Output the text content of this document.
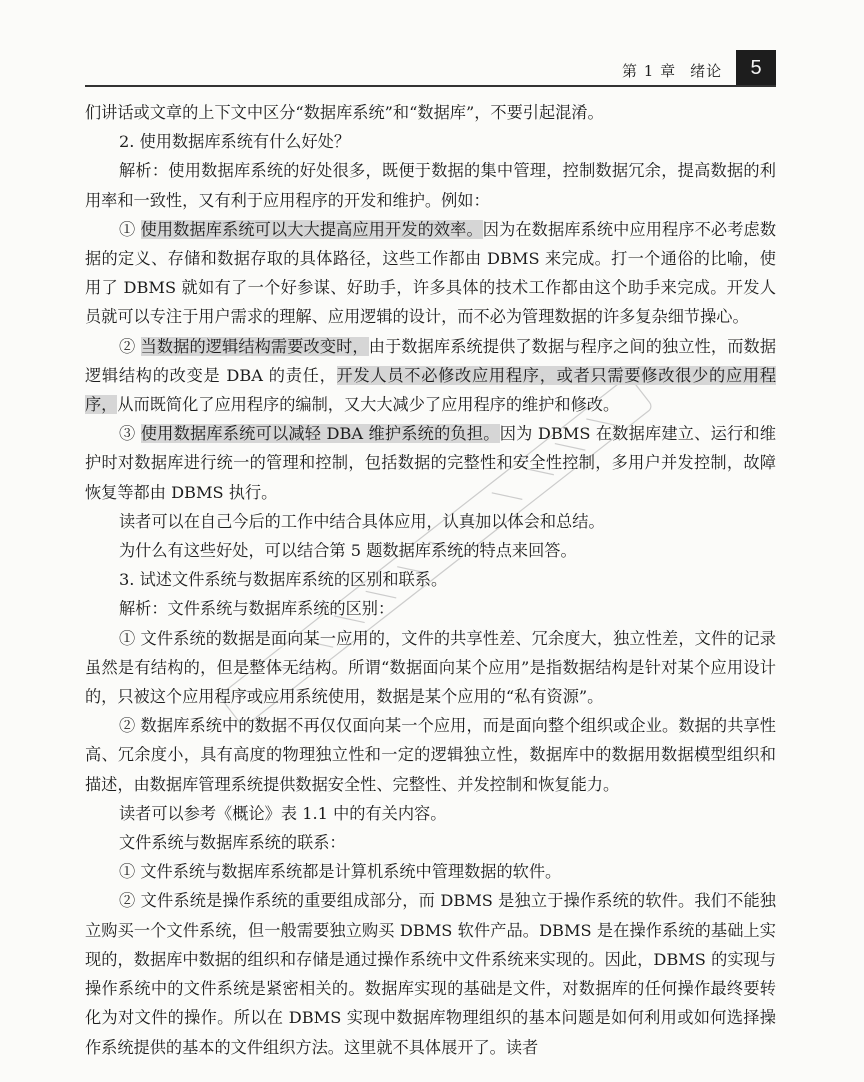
第 1 章 绪论	5

们讲话或文章的上下文中区分“数据库系统”和“数据库”，不要引起混淆。

2. 使用数据库系统有什么好处？

解析：使用数据库系统的好处很多，既便于数据的集中管理，控制数据冗余，提高数据的利用率和一致性，又有利于应用程序的开发和维护。例如：

① 使用数据库系统可以大大提高应用开发的效率。因为在数据库系统中应用程序不必考虑数据的定义、存储和数据存取的具体路径，这些工作都由 DBMS 来完成。打一个通俗的比喻，使用了 DBMS 就如有了一个好参谋、好助手，许多具体的技术工作都由这个助手来完成。开发人员就可以专注于用户需求的理解、应用逻辑的设计，而不必为管理数据的许多复杂细节操心。

② 当数据的逻辑结构需要改变时，由于数据库系统提供了数据与程序之间的独立性，而数据逻辑结构的改变是 DBA 的责任，开发人员不必修改应用程序，或者只需要修改很少的应用程序，从而既简化了应用程序的编制，又大大减少了应用程序的维护和修改。

③ 使用数据库系统可以减轻 DBA 维护系统的负担。因为 DBMS 在数据库建立、运行和维护时对数据库进行统一的管理和控制，包括数据的完整性和安全性控制，多用户并发控制，故障恢复等都由 DBMS 执行。

读者可以在自己今后的工作中结合具体应用，认真加以体会和总结。

为什么有这些好处，可以结合第 5 题数据库系统的特点来回答。

3. 试述文件系统与数据库系统的区别和联系。

解析：文件系统与数据库系统的区别：

① 文件系统的数据是面向某一应用的，文件的共享性差、冗余度大，独立性差，文件的记录虽然是有结构的，但是整体无结构。所谓“数据面向某个应用”是指数据结构是针对某个应用设计的，只被这个应用程序或应用系统使用，数据是某个应用的“私有资源”。

② 数据库系统中的数据不再仅仅面向某一个应用，而是面向整个组织或企业。数据的共享性高、冗余度小，具有高度的物理独立性和一定的逻辑独立性，数据库中的数据用数据模型组织和描述，由数据库管理系统提供数据安全性、完整性、并发控制和恢复能力。

读者可以参考《概论》表 1.1 中的有关内容。

文件系统与数据库系统的联系：

① 文件系统与数据库系统都是计算机系统中管理数据的软件。

② 文件系统是操作系统的重要组成部分，而 DBMS 是独立于操作系统的软件。我们不能独立购买一个文件系统，但一般需要独立购买 DBMS 软件产品。DBMS 是在操作系统的基础上实现的，数据库中数据的组织和存储是通过操作系统中文件系统来实现的。因此，DBMS 的实现与操作系统中的文件系统是紧密相关的。数据库实现的基础是文件，对数据库的任何操作最终要转化为对文件的操作。所以在 DBMS 实现中数据库物理组织的基本问题是如何利用或如何选择操作系统提供的基本的文件组织方法。这里就不具体展开了。读者
